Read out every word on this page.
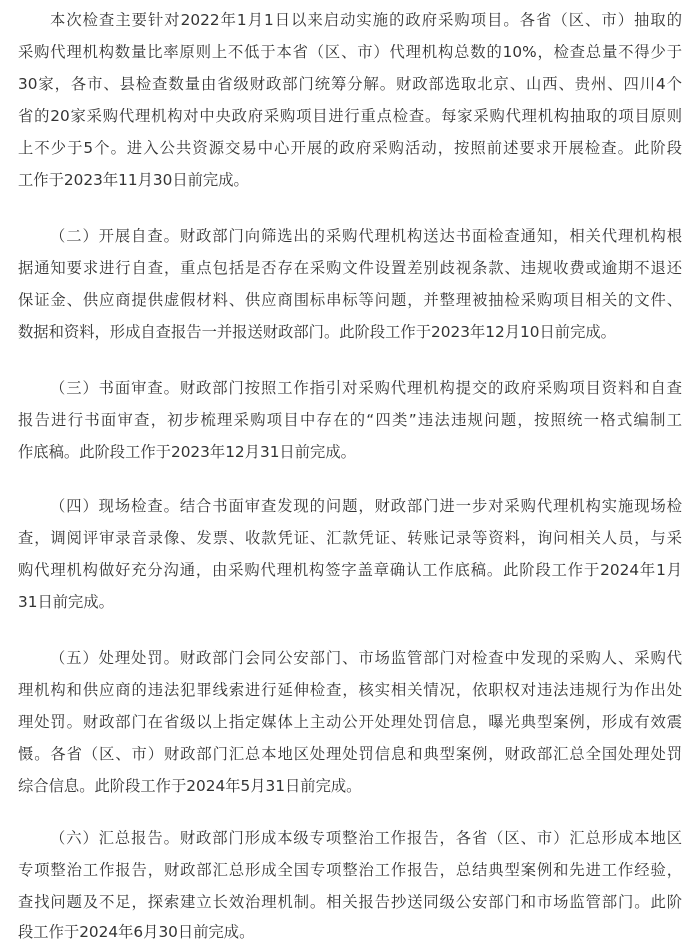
本次检查主要针对2022年1月1日以来启动实施的政府采购项目。各省（区、市）抽取的
采购代理机构数量比率原则上不低于本省（区、市）代理机构总数的10%，检查总量不得少于
30家，各市、县检查数量由省级财政部门统筹分解。财政部选取北京、山西、贵州、四川4个
省的20家采购代理机构对中央政府采购项目进行重点检查。每家采购代理机构抽取的项目原则
上不少于5个。进入公共资源交易中心开展的政府采购活动，按照前述要求开展检查。此阶段
工作于2023年11月30日前完成。
（二）开展自查。财政部门向筛选出的采购代理机构送达书面检查通知，相关代理机构根
据通知要求进行自查，重点包括是否存在采购文件设置差别歧视条款、违规收费或逾期不退还
保证金、供应商提供虚假材料、供应商围标串标等问题，并整理被抽检采购项目相关的文件、
数据和资料，形成自查报告一并报送财政部门。此阶段工作于2023年12月10日前完成。
（三）书面审查。财政部门按照工作指引对采购代理机构提交的政府采购项目资料和自查
报告进行书面审查，初步梳理采购项目中存在的“四类”违法违规问题，按照统一格式编制工
作底稿。此阶段工作于2023年12月31日前完成。
（四）现场检查。结合书面审查发现的问题，财政部门进一步对采购代理机构实施现场检
查，调阅评审录音录像、发票、收款凭证、汇款凭证、转账记录等资料，询问相关人员，与采
购代理机构做好充分沟通，由采购代理机构签字盖章确认工作底稿。此阶段工作于2024年1月
31日前完成。
（五）处理处罚。财政部门会同公安部门、市场监管部门对检查中发现的采购人、采购代
理机构和供应商的违法犯罪线索进行延伸检查，核实相关情况，依职权对违法违规行为作出处
理处罚。财政部门在省级以上指定媒体上主动公开处理处罚信息，曝光典型案例，形成有效震
慑。各省（区、市）财政部门汇总本地区处理处罚信息和典型案例，财政部汇总全国处理处罚
综合信息。此阶段工作于2024年5月31日前完成。
（六）汇总报告。财政部门形成本级专项整治工作报告，各省（区、市）汇总形成本地区
专项整治工作报告，财政部汇总形成全国专项整治工作报告，总结典型案例和先进工作经验，
查找问题及不足，探索建立长效治理机制。相关报告抄送同级公安部门和市场监管部门。此阶
段工作于2024年6月30日前完成。
